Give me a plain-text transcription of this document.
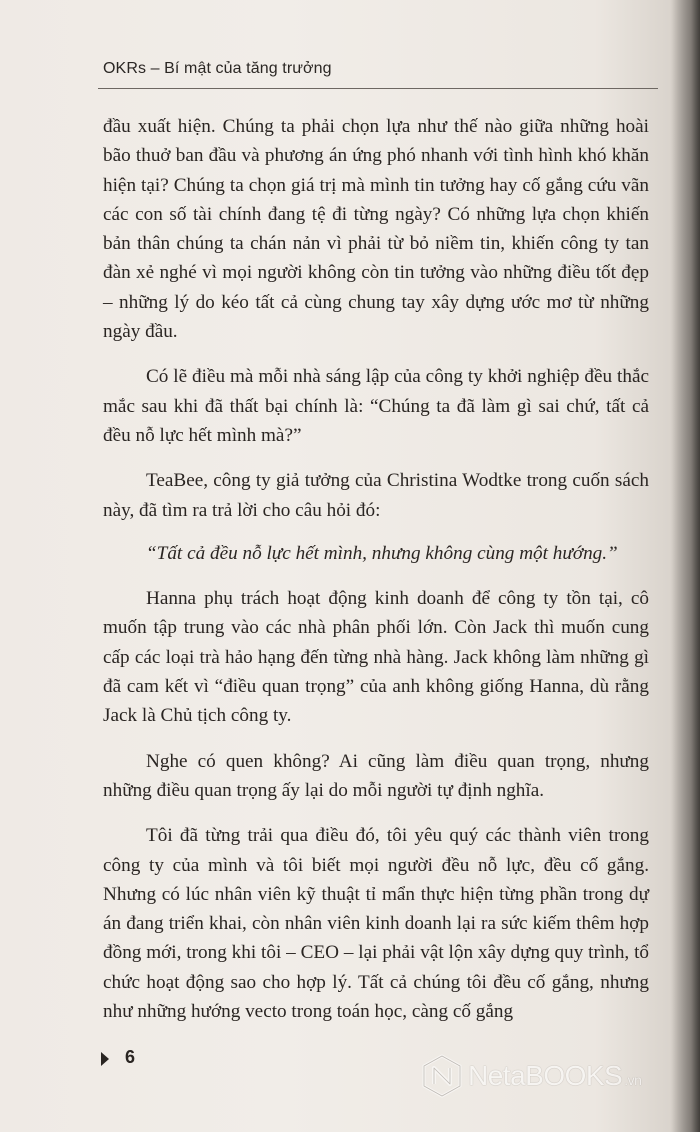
OKRs – Bí mật của tăng trưởng

đầu xuất hiện. Chúng ta phải chọn lựa như thế nào giữa những hoài bão thuở ban đầu và phương án ứng phó nhanh với tình hình khó khăn hiện tại? Chúng ta chọn giá trị mà mình tin tưởng hay cố gắng cứu vãn các con số tài chính đang tệ đi từng ngày? Có những lựa chọn khiến bản thân chúng ta chán nản vì phải từ bỏ niềm tin, khiến công ty tan đàn xẻ nghé vì mọi người không còn tin tưởng vào những điều tốt đẹp – những lý do kéo tất cả cùng chung tay xây dựng ước mơ từ những ngày đầu.

Có lẽ điều mà mỗi nhà sáng lập của công ty khởi nghiệp đều thắc mắc sau khi đã thất bại chính là: “Chúng ta đã làm gì sai chứ, tất cả đều nỗ lực hết mình mà?”

TeaBee, công ty giả tưởng của Christina Wodtke trong cuốn sách này, đã tìm ra trả lời cho câu hỏi đó:

“Tất cả đều nỗ lực hết mình, nhưng không cùng một hướng.”

Hanna phụ trách hoạt động kinh doanh để công ty tồn tại, cô muốn tập trung vào các nhà phân phối lớn. Còn Jack thì muốn cung cấp các loại trà hảo hạng đến từng nhà hàng. Jack không làm những gì đã cam kết vì “điều quan trọng” của anh không giống Hanna, dù rằng Jack là Chủ tịch công ty.

Nghe có quen không? Ai cũng làm điều quan trọng, nhưng những điều quan trọng ấy lại do mỗi người tự định nghĩa.

Tôi đã từng trải qua điều đó, tôi yêu quý các thành viên trong công ty của mình và tôi biết mọi người đều nỗ lực, đều cố gắng. Nhưng có lúc nhân viên kỹ thuật tỉ mẩn thực hiện từng phần trong dự án đang triển khai, còn nhân viên kinh doanh lại ra sức kiếm thêm hợp đồng mới, trong khi tôi – CEO – lại phải vật lộn xây dựng quy trình, tổ chức hoạt động sao cho hợp lý. Tất cả chúng tôi đều cố gắng, nhưng như những hướng vecto trong toán học, càng cố gắng

6
NetaBOOKS .vn
